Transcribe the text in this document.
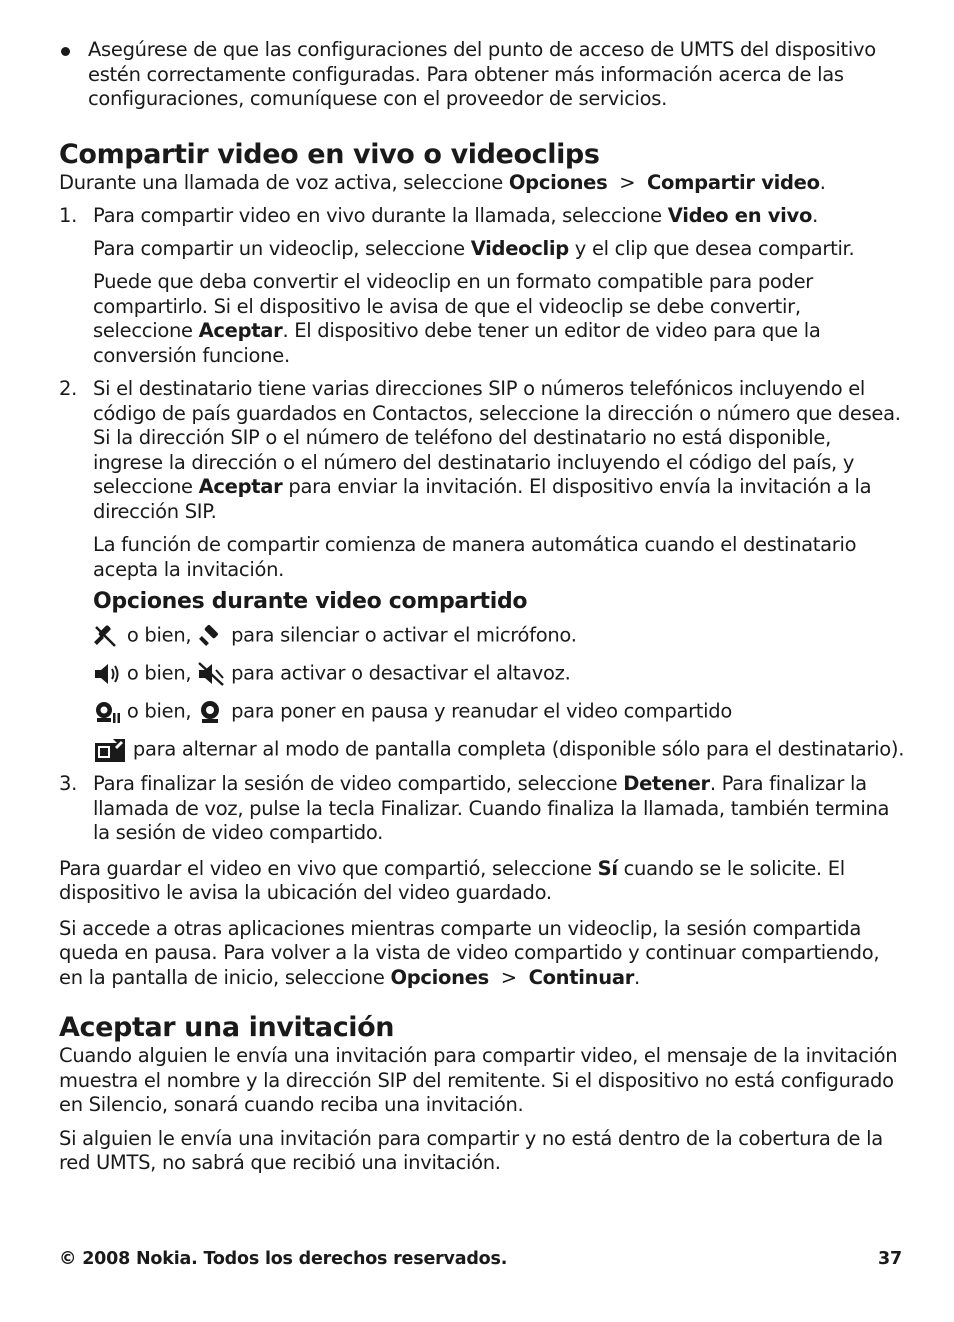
Asegúrese de que las configuraciones del punto de acceso de UMTS del dispositivo estén correctamente configuradas. Para obtener más información acerca de las configuraciones, comuníquese con el proveedor de servicios.

Compartir video en vivo o videoclips

Durante una llamada de voz activa, seleccione Opciones  >  Compartir video.

1. Para compartir video en vivo durante la llamada, seleccione Video en vivo.

Para compartir un videoclip, seleccione Videoclip y el clip que desea compartir.

Puede que deba convertir el videoclip en un formato compatible para poder compartirlo. Si el dispositivo le avisa de que el videoclip se debe convertir, seleccione Aceptar. El dispositivo debe tener un editor de video para que la conversión funcione.

2. Si el destinatario tiene varias direcciones SIP o números telefónicos incluyendo el código de país guardados en Contactos, seleccione la dirección o número que desea. Si la dirección SIP o el número de teléfono del destinatario no está disponible, ingrese la dirección o el número del destinatario incluyendo el código del país, y seleccione Aceptar para enviar la invitación. El dispositivo envía la invitación a la dirección SIP.

La función de compartir comienza de manera automática cuando el destinatario acepta la invitación.

Opciones durante video compartido

o bien,  para silenciar o activar el micrófono.

o bien,  para activar o desactivar el altavoz.

o bien,  para poner en pausa y reanudar el video compartido

para alternar al modo de pantalla completa (disponible sólo para el destinatario).

3. Para finalizar la sesión de video compartido, seleccione Detener. Para finalizar la llamada de voz, pulse la tecla Finalizar. Cuando finaliza la llamada, también termina la sesión de video compartido.

Para guardar el video en vivo que compartió, seleccione Sí cuando se le solicite. El dispositivo le avisa la ubicación del video guardado.

Si accede a otras aplicaciones mientras comparte un videoclip, la sesión compartida queda en pausa. Para volver a la vista de video compartido y continuar compartiendo, en la pantalla de inicio, seleccione Opciones  >  Continuar.

Aceptar una invitación

Cuando alguien le envía una invitación para compartir video, el mensaje de la invitación muestra el nombre y la dirección SIP del remitente. Si el dispositivo no está configurado en Silencio, sonará cuando reciba una invitación.

Si alguien le envía una invitación para compartir y no está dentro de la cobertura de la red UMTS, no sabrá que recibió una invitación.

© 2008 Nokia. Todos los derechos reservados.	37
